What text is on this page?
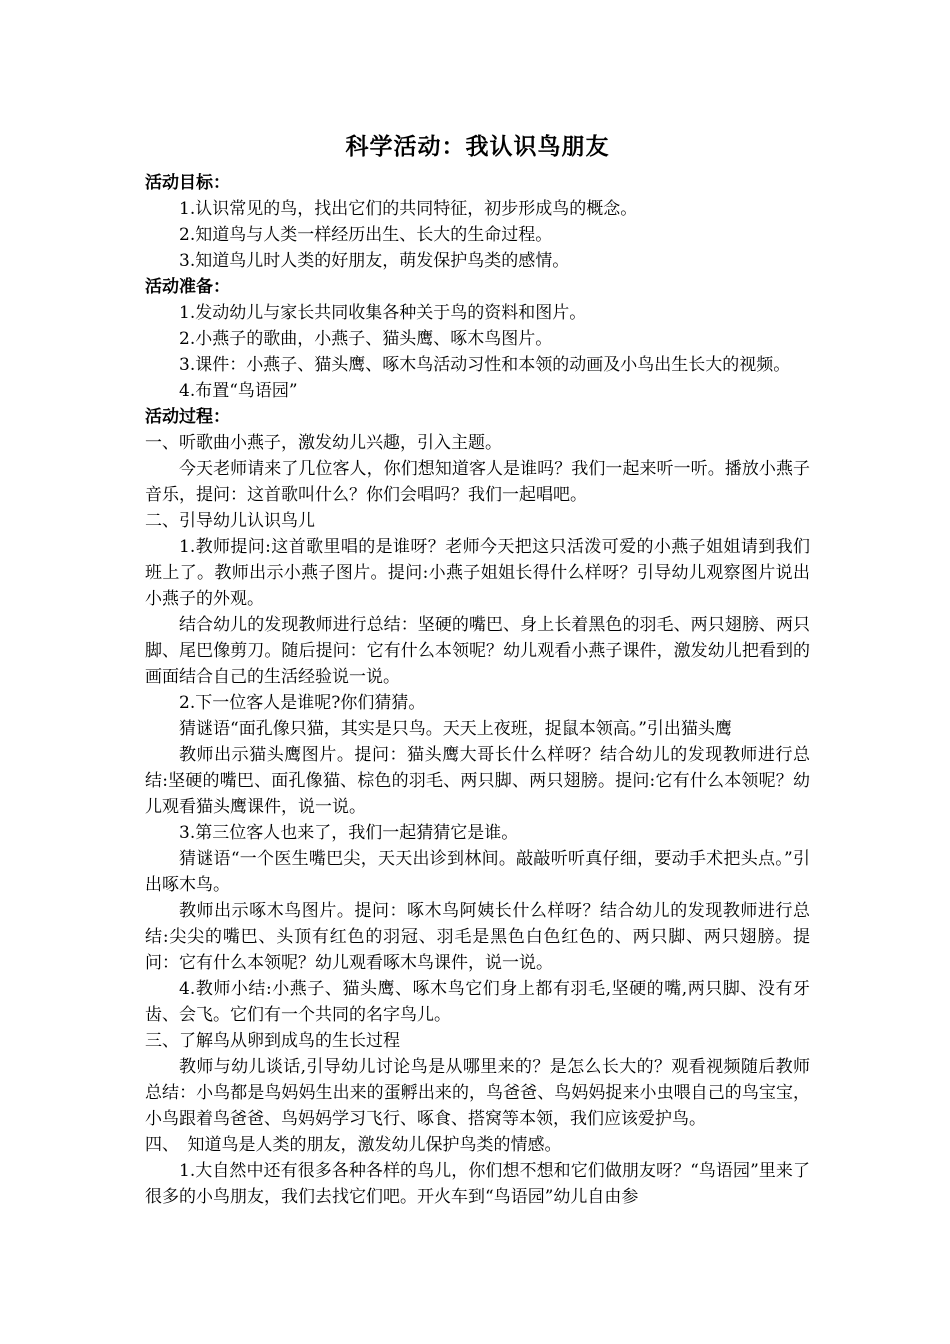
科学活动：我认识鸟朋友
活动目标：
1.认识常见的鸟，找出它们的共同特征，初步形成鸟的概念。
2.知道鸟与人类一样经历出生、长大的生命过程。
3.知道鸟儿时人类的好朋友，萌发保护鸟类的感情。
活动准备：
1.发动幼儿与家长共同收集各种关于鸟的资料和图片。
2.小燕子的歌曲，小燕子、猫头鹰、啄木鸟图片。
3.课件：小燕子、猫头鹰、啄木鸟活动习性和本领的动画及小鸟出生长大的视频。
4.布置“鸟语园”
活动过程：
一、听歌曲小燕子，激发幼儿兴趣，引入主题。
今天老师请来了几位客人，你们想知道客人是谁吗？我们一起来听一听。播放小燕子音乐，提问：这首歌叫什么？你们会唱吗？我们一起唱吧。
二、引导幼儿认识鸟儿
1.教师提问:这首歌里唱的是谁呀？老师今天把这只活泼可爱的小燕子姐姐请到我们班上了。教师出示小燕子图片。提问:小燕子姐姐长得什么样呀？引导幼儿观察图片说出小燕子的外观。
结合幼儿的发现教师进行总结：坚硬的嘴巴、身上长着黑色的羽毛、两只翅膀、两只脚、尾巴像剪刀。随后提问：它有什么本领呢？幼儿观看小燕子课件，激发幼儿把看到的画面结合自己的生活经验说一说。
2.下一位客人是谁呢?你们猜猜。
猜谜语“面孔像只猫，其实是只鸟。天天上夜班，捉鼠本领高。”引出猫头鹰
教师出示猫头鹰图片。提问：猫头鹰大哥长什么样呀？结合幼儿的发现教师进行总结:坚硬的嘴巴、面孔像猫、棕色的羽毛、两只脚、两只翅膀。提问:它有什么本领呢？幼儿观看猫头鹰课件，说一说。
3.第三位客人也来了，我们一起猜猜它是谁。
猜谜语“一个医生嘴巴尖，天天出诊到林间。敲敲听听真仔细，要动手术把头点。”引出啄木鸟。
教师出示啄木鸟图片。提问：啄木鸟阿姨长什么样呀？结合幼儿的发现教师进行总结:尖尖的嘴巴、头顶有红色的羽冠、羽毛是黑色白色红色的、两只脚、两只翅膀。提问：它有什么本领呢？幼儿观看啄木鸟课件，说一说。
4.教师小结:小燕子、猫头鹰、啄木鸟它们身上都有羽毛,坚硬的嘴,两只脚、没有牙齿、会飞。它们有一个共同的名字鸟儿。
三、了解鸟从卵到成鸟的生长过程
教师与幼儿谈话,引导幼儿讨论鸟是从哪里来的？是怎么长大的？观看视频随后教师总结：小鸟都是鸟妈妈生出来的蛋孵出来的，鸟爸爸、鸟妈妈捉来小虫喂自己的鸟宝宝，小鸟跟着鸟爸爸、鸟妈妈学习飞行、啄食、搭窝等本领，我们应该爱护鸟。
四、　知道鸟是人类的朋友，激发幼儿保护鸟类的情感。
1.大自然中还有很多各种各样的鸟儿，你们想不想和它们做朋友呀？“鸟语园”里来了很多的小鸟朋友，我们去找它们吧。开火车到“鸟语园”幼儿自由参
